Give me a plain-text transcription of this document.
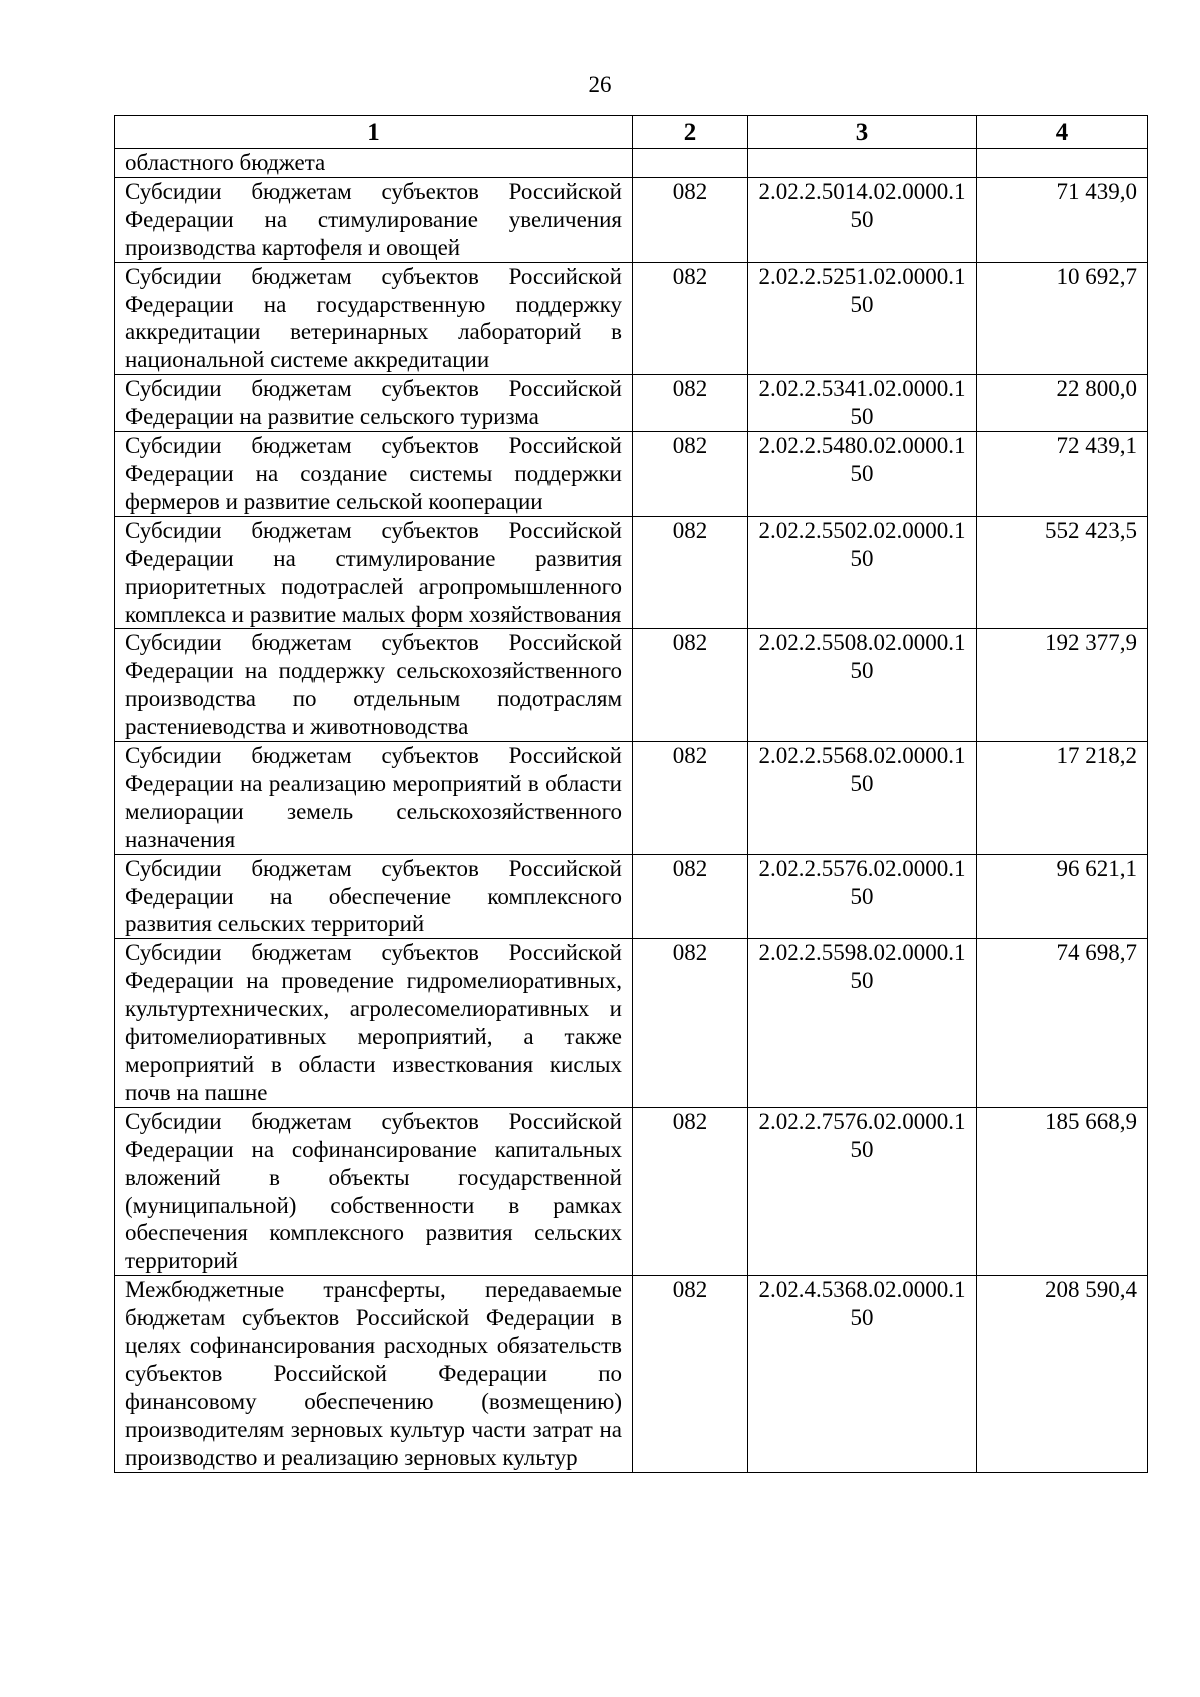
26
1	2	3	4
областного бюджета			
Субсидии бюджетам субъектов Российской Федерации на стимулирование увеличения производства картофеля и овощей	082	2.02.2.5014.02.0000.150	71 439,0
Субсидии бюджетам субъектов Российской Федерации на государственную поддержку аккредитации ветеринарных лабораторий в национальной системе аккредитации	082	2.02.2.5251.02.0000.150	10 692,7
Субсидии бюджетам субъектов Российской Федерации на развитие сельского туризма	082	2.02.2.5341.02.0000.150	22 800,0
Субсидии бюджетам субъектов Российской Федерации на создание системы поддержки фермеров и развитие сельской кооперации	082	2.02.2.5480.02.0000.150	72 439,1
Субсидии бюджетам субъектов Российской Федерации на стимулирование развития приоритетных подотраслей агропромышленного комплекса и развитие малых форм хозяйствования	082	2.02.2.5502.02.0000.150	552 423,5
Субсидии бюджетам субъектов Российской Федерации на поддержку сельскохозяйственного производства по отдельным подотраслям растениеводства и животноводства	082	2.02.2.5508.02.0000.150	192 377,9
Субсидии бюджетам субъектов Российской Федерации на реализацию мероприятий в области мелиорации земель сельскохозяйственного назначения	082	2.02.2.5568.02.0000.150	17 218,2
Субсидии бюджетам субъектов Российской Федерации на обеспечение комплексного развития сельских территорий	082	2.02.2.5576.02.0000.150	96 621,1
Субсидии бюджетам субъектов Российской Федерации на проведение гидромелиоративных, культуртехнических, агролесомелиоративных и фитомелиоративных мероприятий, а также мероприятий в области известкования кислых почв на пашне	082	2.02.2.5598.02.0000.150	74 698,7
Субсидии бюджетам субъектов Российской Федерации на софинансирование капитальных вложений в объекты государственной (муниципальной) собственности в рамках обеспечения комплексного развития сельских территорий	082	2.02.2.7576.02.0000.150	185 668,9
Межбюджетные трансферты, передаваемые бюджетам субъектов Российской Федерации в целях софинансирования расходных обязательств субъектов Российской Федерации по финансовому обеспечению (возмещению) производителям зерновых культур части затрат на производство и реализацию зерновых культур	082	2.02.4.5368.02.0000.150	208 590,4
